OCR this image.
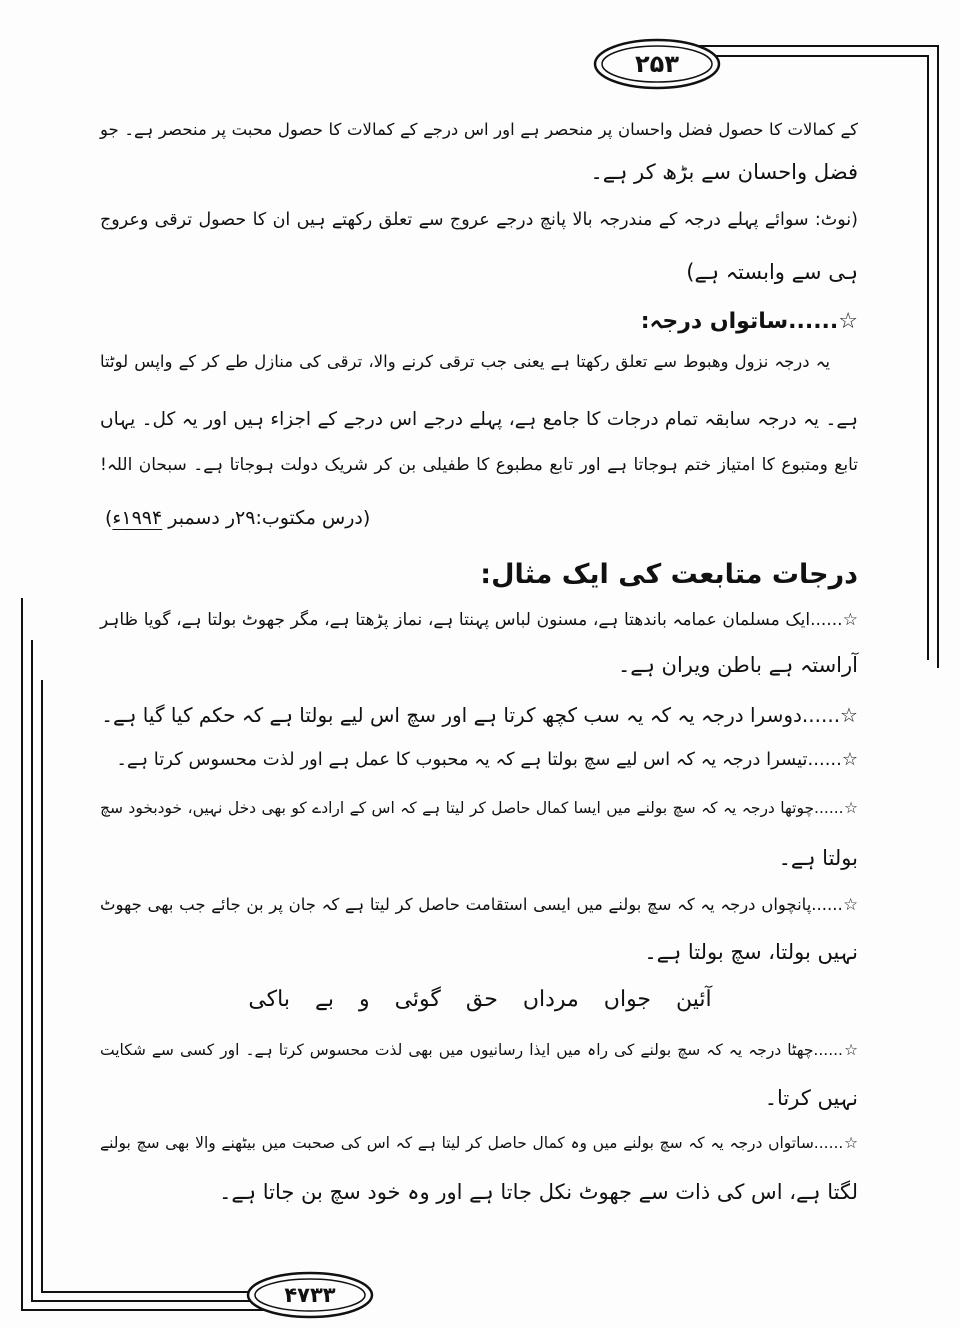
۲۵۳
کے کمالات کا حصول فضل واحسان پر منحصر ہے اور اس درجے کے کمالات کا حصول محبت پر منحصر ہے۔ جو
فضل واحسان سے بڑھ کر ہے۔
(نوٹ: سوائے پہلے درجہ کے مندرجہ بالا پانچ درجے عروج سے تعلق رکھتے ہیں ان کا حصول ترقی وعروج
ہی سے وابستہ ہے)
☆......ساتواں درجہ:
یہ درجہ نزول وھبوط سے تعلق رکھتا ہے یعنی جب ترقی کرنے والا، ترقی کی منازل طے کر کے واپس لوٹتا
ہے۔ یہ درجہ سابقہ تمام درجات کا جامع ہے، پہلے درجے اس درجے کے اجزاء ہیں اور یہ کل۔ یہاں
تابع ومتبوع کا امتیاز ختم ہوجاتا ہے اور تابع مطبوع کا طفیلی بن کر شریک دولت ہوجاتا ہے۔ سبحان اللہ!
(درس مکتوب:۲۹ر دسمبر ۱۹۹۴ء)
درجات متابعت کی ایک مثال:
☆......ایک مسلمان عمامہ باندھتا ہے، مسنون لباس پہنتا ہے، نماز پڑھتا ہے، مگر جھوٹ بولتا ہے، گویا ظاہر
آراستہ ہے باطن ویران ہے۔
☆......دوسرا درجہ یہ کہ یہ سب کچھ کرتا ہے اور سچ اس لیے بولتا ہے کہ حکم کیا گیا ہے۔
☆......تیسرا درجہ یہ کہ اس لیے سچ بولتا ہے کہ یہ محبوب کا عمل ہے اور لذت محسوس کرتا ہے۔
☆......چوتھا درجہ یہ کہ سچ بولنے میں ایسا کمال حاصل کر لیتا ہے کہ اس کے ارادے کو بھی دخل نہیں، خودبخود سچ
بولتا ہے۔
☆......پانچواں درجہ یہ کہ سچ بولنے میں ایسی استقامت حاصل کر لیتا ہے کہ جان پر بن جائے جب بھی جھوٹ
نہیں بولتا، سچ بولتا ہے۔
آئین جواں مرداں حق گوئی و بے باکی
☆......چھٹا درجہ یہ کہ سچ بولنے کی راہ میں ایذا رسانیوں میں بھی لذت محسوس کرتا ہے۔ اور کسی سے شکایت
نہیں کرتا۔
☆......ساتواں درجہ یہ کہ سچ بولنے میں وہ کمال حاصل کر لیتا ہے کہ اس کی صحبت میں بیٹھنے والا بھی سچ بولنے
لگتا ہے، اس کی ذات سے جھوٹ نکل جاتا ہے اور وہ خود سچ بن جاتا ہے۔
۴۷۳۳
